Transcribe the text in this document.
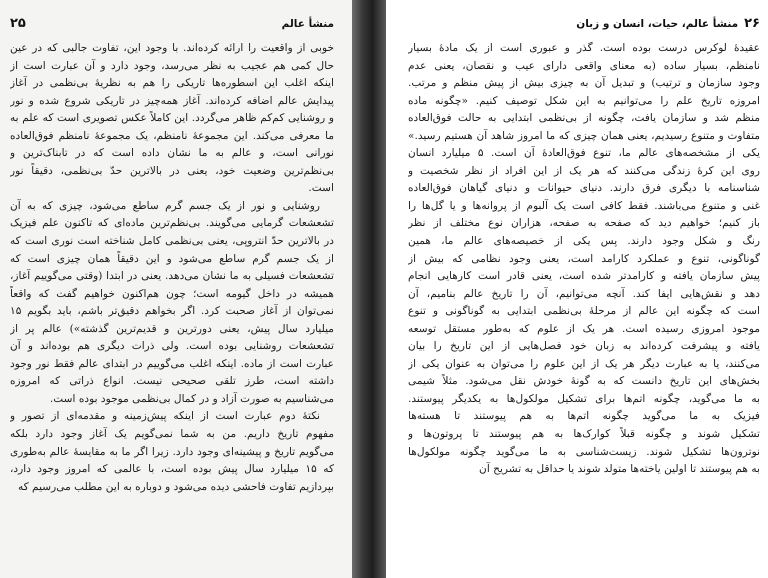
منشأ عالم
۲۵

خوبی از واقعیت را ارائه کرده‌اند. با وجود این، تفاوت جالبی که در عین
حال کمی هم عجیب به نظر می‌رسد، وجود دارد و آن عبارت است از
اینکه اغلب این اسطوره‌ها تاریکی را هم به نظریهٔ بی‌نظمی در آغاز
پیدایش عالم اضافه کرده‌اند. آغاز همه‌چیز در تاریکی شروع شده و نور
و روشنایی کم‌کم ظاهر می‌گردد. این کاملاً عکس تصویری است که علم به
ما معرفی می‌کند. این مجموعهٔ نامنظم، یک مجموعهٔ نامنظم فوق‌العاده
نورانی است، و عالم به ما نشان داده است که در تابناک‌ترین و
بی‌نظم‌ترین وضعیت خود، یعنی در بالاترین حدّ بی‌نظمی، دقیقاً نور
است.

روشنایی و نور از یک جسم گرم ساطع می‌شود، چیزی که به آن
تشعشعات گرمایی می‌گویند. بی‌نظم‌ترین ماده‌ای که تاکنون علم فیزیک
در بالاترین حدّ انتروپی، یعنی بی‌نظمی کامل شناخته است نوری است که
از یک جسم گرم ساطع می‌شود و این دقیقاً همان چیزی است که
تشعشعات فسیلی به ما نشان می‌دهد. یعنی در ابتدا (وقتی می‌گوییم آغاز،
همیشه در داخل گیومه است؛ چون هم‌اکنون خواهیم گفت که واقعاً
نمی‌توان از آغاز صحبت کرد. اگر بخواهم دقیق‌تر باشم، باید بگویم ۱۵
میلیارد سال پیش، یعنی دورترین و قدیم‌ترین گذشته») عالم پر از
تشعشعات روشنایی بوده است. ولی ذرات دیگری هم بوده‌اند و آن
عبارت است از ماده. اینکه اغلب می‌گوییم در ابتدای عالم فقط نور وجود
داشته است، طرز تلقی صحیحی نیست. انواع ذراتی که امروزه
می‌شناسیم به صورت آزاد و در کمال بی‌نظمی موجود بوده است.

نکتهٔ دوم عبارت است از اینکه پیش‌زمینه و مقدمه‌ای از تصور و
مفهوم تاریخ داریم. من به شما نمی‌گویم یک آغاز وجود دارد بلکه
می‌گویم تاریخ و پیشینه‌ای وجود دارد. زیرا اگر ما به مقایسهٔ عالم به‌طوری
که ۱۵ میلیارد سال پیش بوده است، با عالمی که امروز وجود دارد،
بپردازیم تفاوت فاحشی دیده می‌شود و دوباره به این مطلب می‌رسیم که

۲۶
منشأ عالم، حیات، انسان و زبان

عقیدهٔ لوکرس درست بوده است. گذر و عبوری است از یک مادهٔ بسیار
نامنظم، بسیار ساده (به معنای واقعی دارای عیب و نقصان، یعنی عدم
وجود سازمان و ترتیب) و تبدیل آن به چیزی بیش از پیش منظم و مرتب.
امروزه تاریخ علم را می‌توانیم به این شکل توصیف کنیم. «چگونه ماده
منظم شد و سازمان یافت، چگونه از بی‌نظمی ابتدایی به حالت فوق‌العاده
متفاوت و متنوع رسیدیم، یعنی همان چیزی که ما امروز شاهد آن هستیم رسید.»
یکی از مشخصه‌های عالم ما، تنوع فوق‌العادهٔ آن است. ۵ میلیارد انسان
روی این کرهٔ زندگی می‌کنند که هر یک از این افراد از نظر شخصیت و
شناسنامه با دیگری فرق دارند. دنیای حیوانات و دنیای گیاهان فوق‌العاده
غنی و متنوع می‌باشند. فقط کافی است یک آلبوم از پروانه‌ها و یا گل‌ها را
باز کنیم؛ خواهیم دید که صفحه به صفحه، هزاران نوع مختلف از نظر
رنگ و شکل وجود دارند. پس یکی از خصیصه‌های عالم ما، همین
گوناگونی، تنوع و عملکرد کارامد است، یعنی وجود نظامی که بیش از
پیش سازمان یافته و کارامدتر شده است، یعنی قادر است کارهایی انجام
دهد و نقش‌هایی ایفا کند. آنچه می‌توانیم، آن را تاریخ عالم بنامیم، آن
است که چگونه این عالم از مرحلهٔ بی‌نظمی ابتدایی به گوناگونی و تنوع
موجود امروزی رسیده است. هر یک از علوم که به‌طور مستقل توسعه
یافته و پیشرفت کرده‌اند به زبان خود فصل‌هایی از این تاریخ را بیان
می‌کنند، یا به عبارت دیگر هر یک از این علوم را می‌توان به عنوان یکی از
بخش‌های این تاریخ دانست که به گونهٔ خودش نقل می‌شود. مثلاً شیمی
به ما می‌گوید، چگونه اتم‌ها برای تشکیل مولکول‌ها به یکدیگر پیوستند.
فیزیک به ما می‌گوید چگونه اتم‌ها به هم پیوستند تا هسته‌ها
تشکیل شوند و چگونه قبلاً کوارک‌ها به هم پیوستند تا پروتون‌ها و
نوترون‌ها تشکیل شوند. زیست‌شناسی به ما می‌گوید چگونه مولکول‌ها
به هم پیوستند تا اولین یاخته‌ها متولد شوند یا حداقل به تشریح آن
